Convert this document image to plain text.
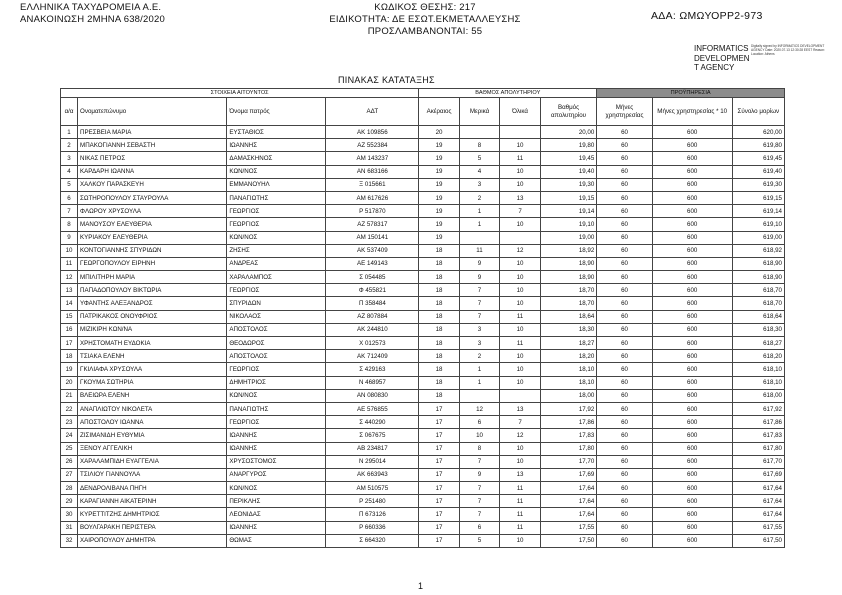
ΕΛΛΗΝΙΚΑ ΤΑΧΥΔΡΟΜΕΙΑ Α.Ε.
ΑΝΑΚΟΙΝΩΣΗ 2ΜΗΝΑ 638/2020
ΚΩΔΙΚΟΣ ΘΕΣΗΣ: 217
ΕΙΔΙΚΟΤΗΤΑ: ΔΕ ΕΣΩΤ.ΕΚΜΕΤΑΛΛΕΥΣΗΣ
ΠΡΟΣΛΑΜΒΑΝΟΝΤΑΙ: 55
ΑΔΑ: ΩΜΩΥΟΡΡ2-973
INFORMATICS
DEVELOPMEN
T AGENCY
Digitally signed by INFORMATICS DEVELOPMENT AGENCY Date: 2020.07.13 12:30:28 EEST Reason: Location: Athens
ΠΙΝΑΚΑΣ ΚΑΤΑΤΑΞΗΣ
ΣΤΟΙΧΕΙΑ ΑΙΤΟΥΝΤΟΣ				ΒΑΘΜΟΣ ΑΠΟΛΥΤΗΡΙΟΥ				ΠΡΟΫΠΗΡΕΣΙΑ		
α/α	Ονοματεπώνυμο	Όνομα πατρός	ΑΔΤ	Ακέραιος	Μερικά	Όλικά	Βαθμός απολυτηρίου	Μήνες χρηστηρεσίας	Μήνες χρηστηρεσίας * 10	Σύνολο μορίων
1	ΠΡΕΣΒΕΙΑ ΜΑΡΙΑ	ΕΥΣΤΑΘΙΟΣ	ΑΚ 109856	20			20,00	60	600	620,00
2	ΜΠΑΚΟΓΙΑΝΝΗ ΣΕΒΑΣΤΗ	ΙΩΑΝΝΗΣ	ΑΖ 552384	19	8	10	19,80	60	600	619,80
3	ΝΙΚΑΣ ΠΕΤΡΟΣ	ΔΑΜΑΣΚΗΝΟΣ	ΑΜ 143237	19	5	11	19,45	60	600	619,45
4	ΚΑΡΔΑΡΗ ΙΩΑΝΝΑ	ΚΩΝ/ΝΟΣ	ΑΝ 683166	19	4	10	19,40	60	600	619,40
5	ΧΑΛΚΟΥ ΠΑΡΑΣΚΕΥΗ	ΕΜΜΑΝΟΥΗΛ	Ξ 015661	19	3	10	19,30	60	600	619,30
6	ΣΩΤΗΡΟΠΟΥΛΟΥ ΣΤΑΥΡΟΥΛΑ	ΠΑΝΑΓΙΩΤΗΣ	ΑΜ 617626	19	2	13	19,15	60	600	619,15
7	ΦΛΩΡΟΥ ΧΡΥΣΟΥΛΑ	ΓΕΩΡΓΙΟΣ	Ρ 517870	19	1	7	19,14	60	600	619,14
8	ΜΑΝΟΥΣΟΥ ΕΛΕΥΘΕΡΙΑ	ΓΕΩΡΓΙΟΣ	ΑΖ 578317	19	1	10	19,10	60	600	619,10
9	ΚΥΡΙΑΚΟΥ ΕΛΕΥΘΕΡΙΑ	ΚΩΝ/ΝΟΣ	ΑΜ 150141	19			19,00	60	600	619,00
10	ΚΟΝΤΟΓΙΑΝΝΗΣ ΣΠΥΡΙΔΩΝ	ΖΗΣΗΣ	ΑΚ 537409	18	11	12	18,92	60	600	618,92
11	ΓΕΩΡΓΟΠΟΥΛΟΥ ΕΙΡΗΝΗ	ΑΝΔΡΕΑΣ	ΑΕ 149143	18	9	10	18,90	60	600	618,90
12	ΜΠΙΛΙΤΗΡΗ ΜΑΡΙΑ	ΧΑΡΑΛΑΜΠΟΣ	Σ 054485	18	9	10	18,90	60	600	618,90
13	ΠΑΠΑΔΟΠΟΥΛΟΥ ΒΙΚΤΩΡΙΑ	ΓΕΩΡΓΙΟΣ	Φ 455821	18	7	10	18,70	60	600	618,70
14	ΥΦΑΝΤΗΣ ΑΛΕΞΑΝΔΡΟΣ	ΣΠΥΡΙΔΩΝ	Π 358484	18	7	10	18,70	60	600	618,70
15	ΠΑΤΡΙΚΑΚΟΣ ΟΝΟΥΦΡΙΟΣ	ΝΙΚΟΛΑΟΣ	ΑΖ 807884	18	7	11	18,64	60	600	618,64
16	ΜΙΖΙΚΙΡΗ ΚΩΝ/ΝΑ	ΑΠΟΣΤΟΛΟΣ	ΑΚ 244810	18	3	10	18,30	60	600	618,30
17	ΧΡΗΣΤΟΜΑΤΗ ΕΥΔΟΚΙΑ	ΘΕΟΔΩΡΟΣ	Χ 012573	18	3	11	18,27	60	600	618,27
18	ΤΣΙΑΚΑ ΕΛΕΝΗ	ΑΠΟΣΤΟΛΟΣ	ΑΚ 712409	18	2	10	18,20	60	600	618,20
19	ΓΚΙΛΙΑΦΑ ΧΡΥΣΟΥΛΑ	ΓΕΩΡΓΙΟΣ	Σ 429163	18	1	10	18,10	60	600	618,10
20	ΓΚΟΥΜΑ ΣΩΤΗΡΙΑ	ΔΗΜΗΤΡΙΟΣ	Ν 468957	18	1	10	18,10	60	600	618,10
21	ΒΛΕΙΩΡΑ ΕΛΕΝΗ	ΚΩΝ/ΝΟΣ	ΑΝ 080830	18			18,00	60	600	618,00
22	ΑΝΑΠΛΙΩΤΟΥ ΝΙΚΟΛΕΤΑ	ΠΑΝΑΓΙΩΤΗΣ	ΑΕ 576855	17	12	13	17,92	60	600	617,92
23	ΑΠΟΣΤΟΛΟΥ ΙΩΑΝΝΑ	ΓΕΩΡΓΙΟΣ	Σ 440290	17	6	7	17,86	60	600	617,86
24	ΖΙΣΙΜΑΝΙΔΗ ΕΥΘΥΜΙΑ	ΙΩΑΝΝΗΣ	Σ 067675	17	10	12	17,83	60	600	617,83
25	ΞΕΝΟΥ ΑΓΓΕΛΙΚΗ	ΙΩΑΝΝΗΣ	ΑΒ 234817	17	8	10	17,80	60	600	617,80
26	ΧΑΡΑΛΑΜΠΙΔΗ ΕΥΑΓΓΕΛΙΑ	ΧΡΥΣΟΣΤΟΜΟΣ	Ν 295014	17	7	10	17,70	60	600	617,70
27	ΤΣΙΛΙΟΥ ΓΙΑΝΝΟΥΛΑ	ΑΝΑΡΓΥΡΟΣ	ΑΚ 663943	17	9	13	17,69	60	600	617,69
28	ΔΕΝΔΡΟΛΙΒΑΝΑ ΠΗΓΗ	ΚΩΝ/ΝΟΣ	ΑΜ 510575	17	7	11	17,64	60	600	617,64
29	ΚΑΡΑΓΙΑΝΝΗ ΑΙΚΑΤΕΡΙΝΗ	ΠΕΡΙΚΛΗΣ	Ρ 251480	17	7	11	17,64	60	600	617,64
30	ΚΥΡΕΤΤΙΤΖΗΣ ΔΗΜΗΤΡΙΟΣ	ΛΕΟΝΙΔΑΣ	Π 673126	17	7	11	17,64	60	600	617,64
31	ΒΟΥΛΓΑΡΑΚΗ ΠΕΡΙΣΤΕΡΑ	ΙΩΑΝΝΗΣ	Ρ 660336	17	6	11	17,55	60	600	617,55
32	ΧΑΙΡΟΠΟΥΛΟΥ ΔΗΜΗΤΡΑ	ΘΩΜΑΣ	Σ 664320	17	5	10	17,50	60	600	617,50
1
